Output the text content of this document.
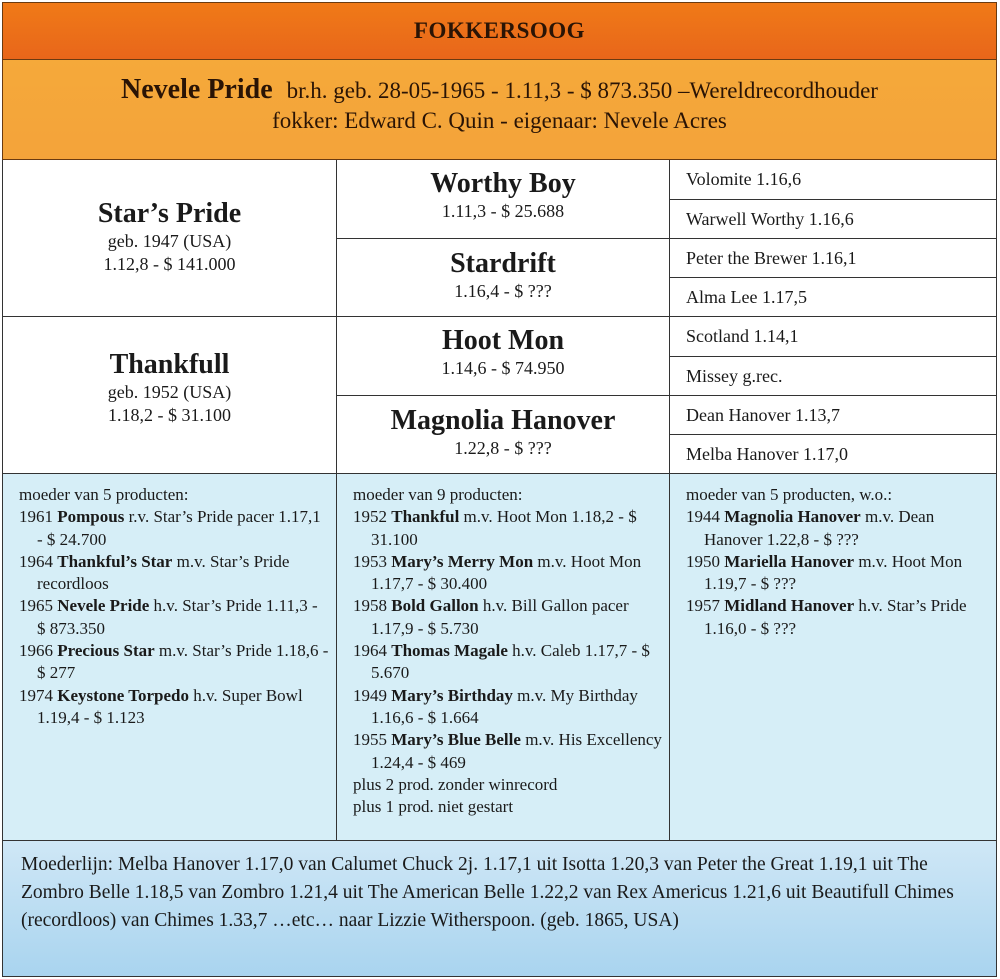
FOKKERSOOG
Nevele Pride br.h. geb. 28-05-1965 - 1.11,3 - $ 873.350 –Wereldrecordhouder
fokker: Edward C. Quin - eigenaar: Nevele Acres
Star’s Pride
geb. 1947 (USA)
1.12,8 - $ 141.000
Thankfull
geb. 1952 (USA)
1.18,2 - $ 31.100
Worthy Boy
1.11,3 - $ 25.688
Stardrift
1.16,4 - $ ???
Hoot Mon
1.14,6 - $ 74.950
Magnolia Hanover
1.22,8 - $ ???
Volomite 1.16,6
Warwell Worthy 1.16,6
Peter the Brewer 1.16,1
Alma Lee 1.17,5
Scotland 1.14,1
Missey g.rec.
Dean Hanover 1.13,7
Melba Hanover 1.17,0
moeder van 5 producten:
1961 Pompous r.v. Star’s Pride pacer 1.17,1 - $ 24.700
1964 Thankful’s Star m.v. Star’s Pride recordloos
1965 Nevele Pride h.v. Star’s Pride 1.11,3 - $ 873.350
1966 Precious Star m.v. Star’s Pride 1.18,6 - $ 277
1974 Keystone Torpedo h.v. Super Bowl 1.19,4 - $ 1.123
moeder van 9 producten:
1952 Thankful m.v. Hoot Mon 1.18,2 - $ 31.100
1953 Mary’s Merry Mon m.v. Hoot Mon 1.17,7 - $ 30.400
1958 Bold Gallon h.v. Bill Gallon pacer 1.17,9 - $ 5.730
1964 Thomas Magale h.v. Caleb 1.17,7 - $ 5.670
1949 Mary’s Birthday m.v. My Birthday 1.16,6 - $ 1.664
1955 Mary’s Blue Belle m.v. His Excellency 1.24,4 - $ 469
plus 2 prod. zonder winrecord
plus 1 prod. niet gestart
moeder van 5 producten, w.o.:
1944 Magnolia Hanover m.v. Dean Hanover 1.22,8 - $ ???
1950 Mariella Hanover m.v. Hoot Mon 1.19,7 - $ ???
1957 Midland Hanover h.v. Star’s Pride 1.16,0 - $ ???
Moederlijn: Melba Hanover 1.17,0 van Calumet Chuck 2j. 1.17,1 uit Isotta 1.20,3 van Peter the Great 1.19,1 uit The Zombro Belle 1.18,5 van Zombro 1.21,4 uit The American Belle 1.22,2 van Rex Americus 1.21,6 uit Beautifull Chimes (recordloos) van Chimes 1.33,7 …etc… naar Lizzie Witherspoon. (geb. 1865, USA)
